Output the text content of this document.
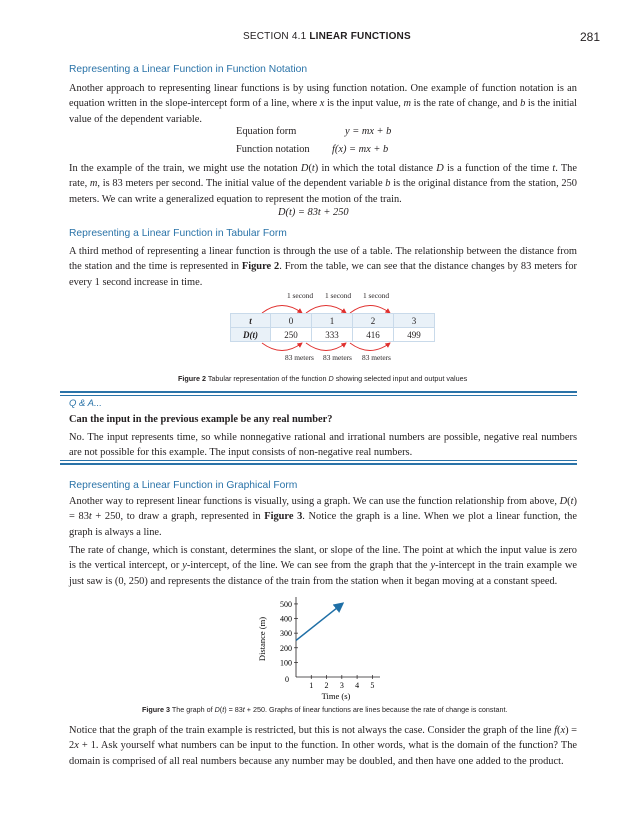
SECTION 4.1 LINEAR FUNCTIONS	281
Representing a Linear Function in Function Notation

Another approach to representing linear functions is by using function notation. One example of function notation is an equation written in the slope-intercept form of a line, where x is the input value, m is the rate of change, and b is the initial value of the dependent variable.

Equation form	y = mx + b
Function notation f(x) = mx + b

In the example of the train, we might use the notation D(t) in which the total distance D is a function of the time t. The rate, m, is 83 meters per second. The initial value of the dependent variable b is the original distance from the station, 250 meters. We can write a generalized equation to represent the motion of the train.

D(t) = 83t + 250
Representing a Linear Function in Tabular Form

A third method of representing a linear function is through the use of a table. The relationship between the distance from the station and the time is represented in Figure 2. From the table, we can see that the distance changes by 83 meters for every 1 second increase in time.

1 second 1 second 1 second
t	0	1	2	3
D(t)	250	333	416	499
83 meters 83 meters 83 meters
Figure 2 Tabular representation of the function D showing selected input and output values
Q & A...

Can the input in the previous example be any real number?

No. The input represents time, so while nonnegative rational and irrational numbers are possible, negative real numbers are not possible for this example. The input consists of non-negative real numbers.

Representing a Linear Function in Graphical Form

Another way to represent linear functions is visually, using a graph. We can use the function relationship from above, D(t) = 83t + 250, to draw a graph, represented in Figure 3. Notice the graph is a line. When we plot a linear function, the graph is always a line.

The rate of change, which is constant, determines the slant, or slope of the line. The point at which the input value is zero is the vertical intercept, or y-intercept, of the line. We can see from the graph that the y-intercept in the train example we just saw is (0, 250) and represents the distance of the train from the station when it began moving at a constant speed.

1 2 3 4 5
100
200
300
400
500
0
Time (s)
Distance (m)
Figure 3 The graph of D(t) = 83t + 250. Graphs of linear functions are lines because the rate of change is constant.

Notice that the graph of the train example is restricted, but this is not always the case. Consider the graph of the line f(x) = 2x + 1. Ask yourself what numbers can be input to the function. In other words, what is the domain of the function? The domain is comprised of all real numbers because any number may be doubled, and then have one added to the product.
